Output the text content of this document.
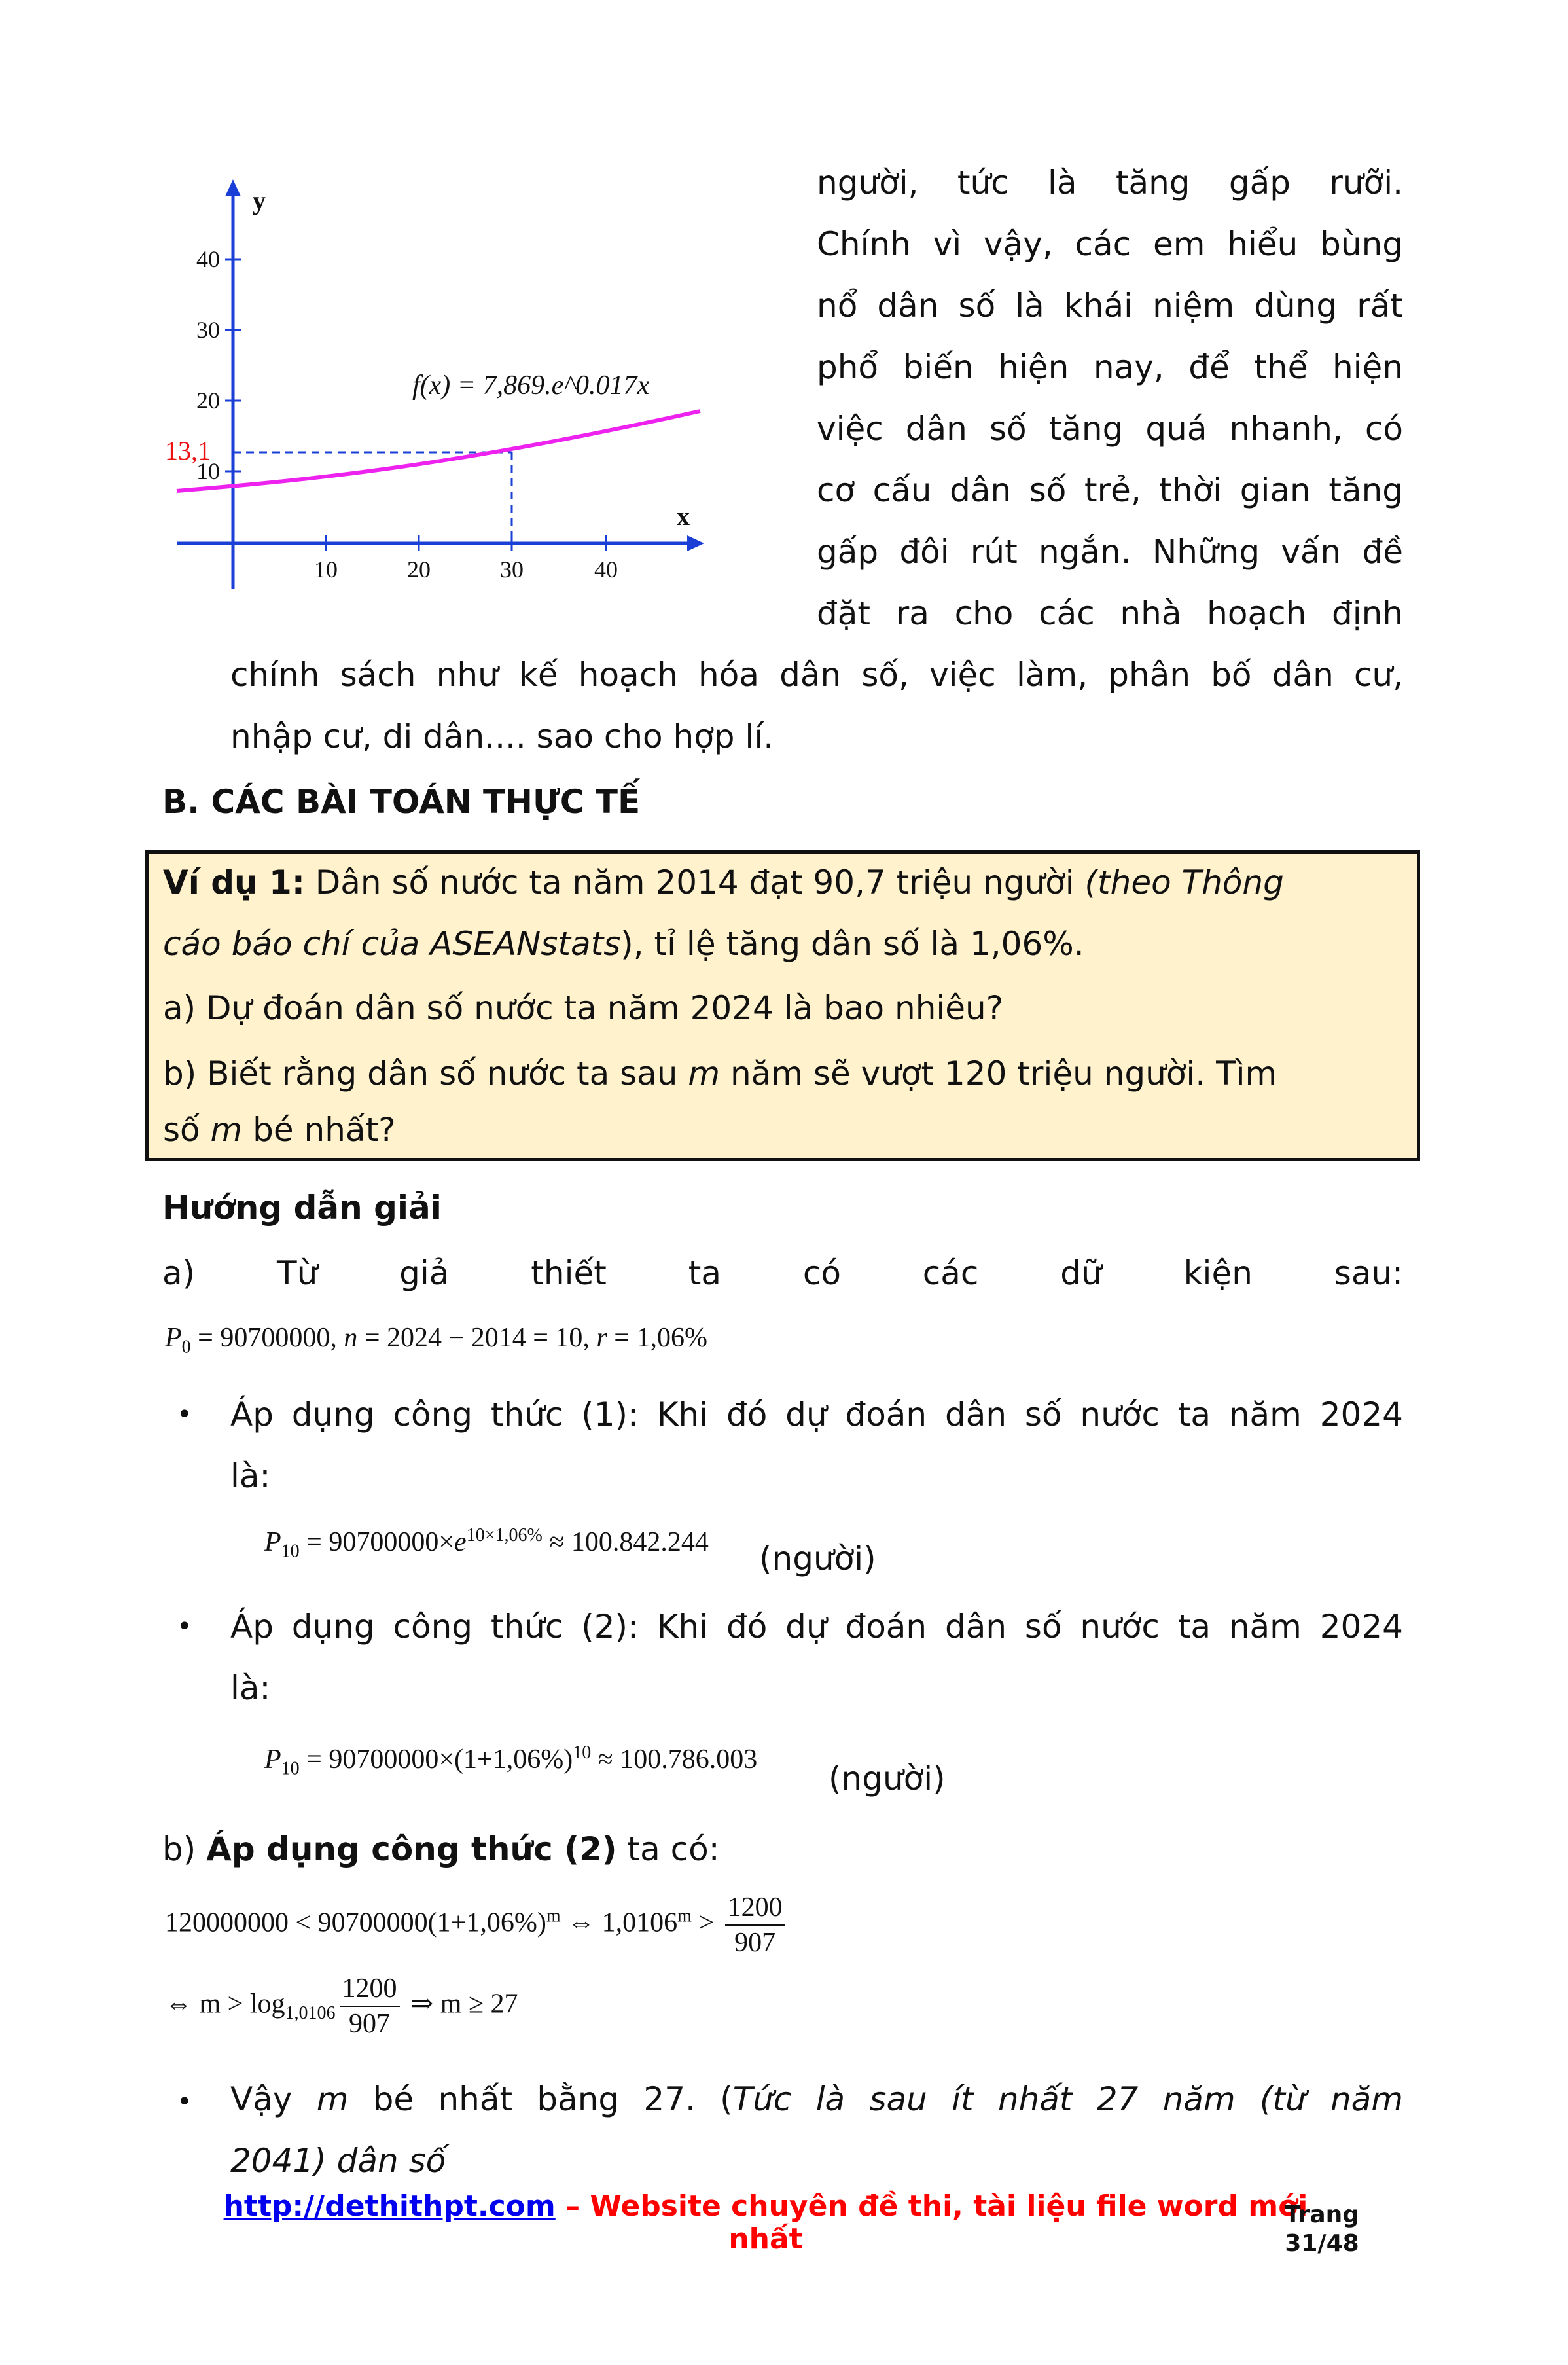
40
30
20
10
10	20	30	40
y
x
13,1
f(x) = 7,869.e^0.017x
người, tức là tăng gấp rưỡi.
Chính vì vậy, các em hiểu bùng
nổ dân số là khái niệm dùng rất
phổ biến hiện nay, để thể hiện
việc dân số tăng quá nhanh, có
cơ cấu dân số trẻ, thời gian tăng
gấp đôi rút ngắn. Những vấn đề
đặt ra cho các nhà hoạch định
chính sách như kế hoạch hóa dân số, việc làm, phân bố dân cư,
nhập cư, di dân.... sao cho hợp lí.
B. CÁC BÀI TOÁN THỰC TẾ
Ví dụ 1: Dân số nước ta năm 2014 đạt 90,7 triệu người (theo Thông
cáo báo chí của ASEANstats), tỉ lệ tăng dân số là 1,06%.
a) Dự đoán dân số nước ta năm 2024 là bao nhiêu?
b) Biết rằng dân số nước ta sau m năm sẽ vượt 120 triệu người. Tìm
số m bé nhất?
Hướng dẫn giải
a) Từ giả thiết ta có các dữ kiện sau:
$P_0 = 90700000$, n = 2024 − 2014 = 10, r = 1,06%
• Áp dụng công thức (1): Khi đó dự đoán dân số nước ta năm 2024
là:
$P_{10} = 90700000\times e^{10\times 1,06\%} \approx 100.842.244$ (người)
• Áp dụng công thức (2): Khi đó dự đoán dân số nước ta năm 2024
là:
$P_{10} = 90700000\times(1+1,06\%)^{10} \approx 100.786.003$ (người)
b) Áp dụng công thức (2) ta có:
$120000000 < 90700000(1+1,06\%)^m$ ⇔ $1,0106^m > \frac{1200}{907}$
⇔ $m > \log_{1,0106} \frac{1200}{907}$ ⇒ m ≥ 27
• Vậy m bé nhất bằng 27. (Tức là sau ít nhất 27 năm (từ năm
2041) dân số
http://dethithpt.com – Website chuyên đề thi, tài liệu file word mới
nhất
Trang
31/48
